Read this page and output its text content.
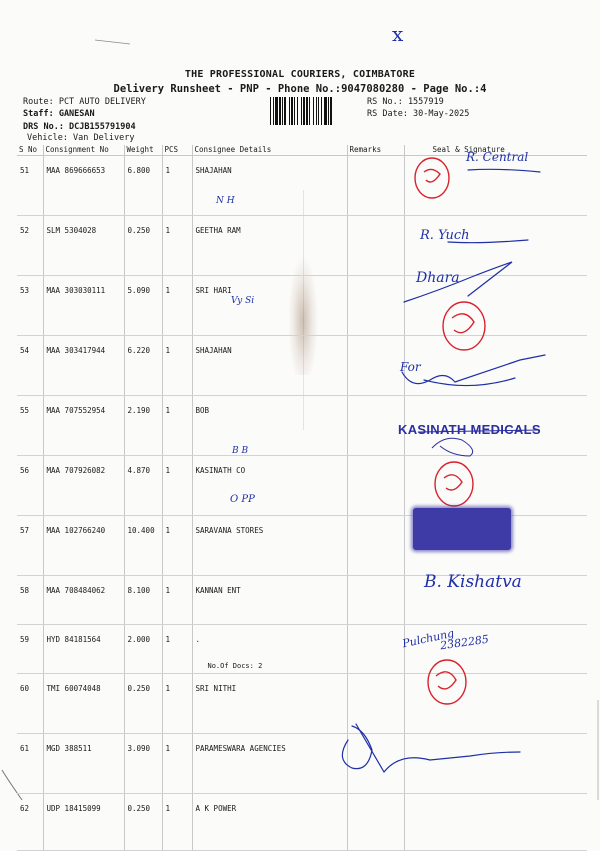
THE PROFESSIONAL COURIERS, COIMBATORE
Delivery Runsheet - PNP - Phone No.:9047080280 - Page No.:4
Route: PCT AUTO DELIVERY
Staff: GANESAN
DRS No.: DCJB155791904
Vehicle: Van Delivery
RS No.: 1557919
RS Date: 30-May-2025
x
S No	Consignment No	Weight	PCS	Consignee Details	Remarks	Seal & Signature
51	MAA 869666653	6.800	1	SHAJAHAN		
52	SLM 5304028	0.250	1	GEETHA RAM		
53	MAA 303030111	5.090	1	SRI HARI		
54	MAA 303417944	6.220	1	SHAJAHAN		
55	MAA 707552954	2.190	1	BOB		
56	MAA 707926082	4.870	1	KASINATH CO		
57	MAA 102766240	10.400	1	SARAVANA STORES		
58	MAA 708484062	8.100	1	KANNAN ENT		
59	HYD 84181564	2.000	1	.
No.Of Docs: 2		

60	TMI 60074048	0.250	1	SRI NITHI		
61	MGD 388511	3.090	1	PARAMESWARA AGENCIES		
62	UDP 18415099	0.250	1	A K POWER		
N H
Vy Si
B B
O PP
R. Central
R. Yuch
Dhara
For
B. Kishatva
Pulchung
2382285
KASINATH MEDICALS
